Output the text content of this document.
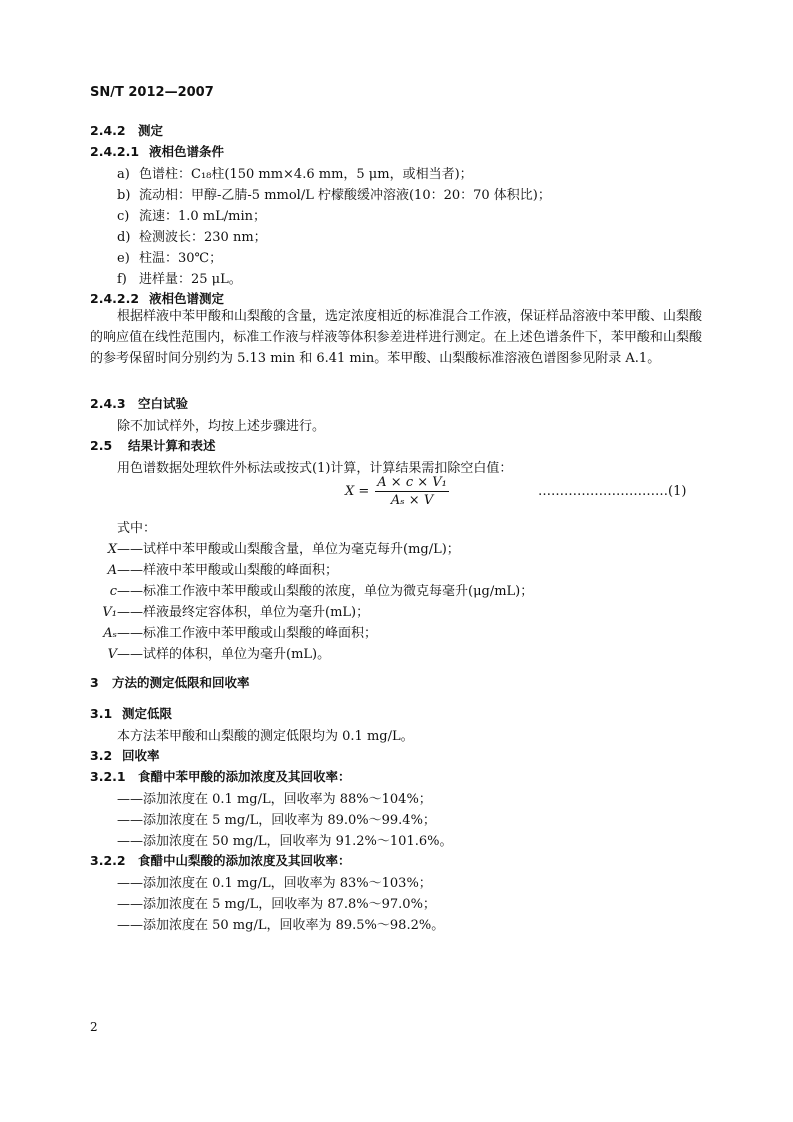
SN/T 2012—2007
2.4.2 测定
2.4.2.1 液相色谱条件
a) 色谱柱：C₁₈柱(150 mm×4.6 mm，5 μm，或相当者)；
b) 流动相：甲醇-乙腈-5 mmol/L 柠檬酸缓冲溶液(10：20：70 体积比)；
c) 流速：1.0 mL/min；
d) 检测波长：230 nm；
e) 柱温：30℃；
f) 进样量：25 μL。
2.4.2.2 液相色谱测定
根据样液中苯甲酸和山梨酸的含量，选定浓度相近的标准混合工作液，保证样品溶液中苯甲酸、山梨酸的响应值在线性范围内，标准工作液与样液等体积参差进样进行测定。在上述色谱条件下，苯甲酸和山梨酸的参考保留时间分别约为 5.13 min 和 6.41 min。苯甲酸、山梨酸标准溶液色谱图参见附录 A.1。
2.4.3 空白试验
除不加试样外，均按上述步骤进行。
2.5 结果计算和表述
用色谱数据处理软件外标法或按式(1)计算，计算结果需扣除空白值：
$X = \frac{\text{A × c × V₁}}{\text{Aₛ × V}}$	…………………………(1)
式中：
X——试样中苯甲酸或山梨酸含量，单位为毫克每升(mg/L)；
A——样液中苯甲酸或山梨酸的峰面积；
c——标准工作液中苯甲酸或山梨酸的浓度，单位为微克每毫升(μg/mL)；
V₁——样液最终定容体积，单位为毫升(mL)；
Aₛ——标准工作液中苯甲酸或山梨酸的峰面积；
V——试样的体积，单位为毫升(mL)。
3 方法的测定低限和回收率
3.1 测定低限
本方法苯甲酸和山梨酸的测定低限均为 0.1 mg/L。
3.2 回收率
3.2.1 食醋中苯甲酸的添加浓度及其回收率：
——添加浓度在 0.1 mg/L，回收率为 88%～104%；
——添加浓度在 5 mg/L，回收率为 89.0%～99.4%；
——添加浓度在 50 mg/L，回收率为 91.2%～101.6%。
3.2.2 食醋中山梨酸的添加浓度及其回收率：
——添加浓度在 0.1 mg/L，回收率为 83%～103%；
——添加浓度在 5 mg/L，回收率为 87.8%～97.0%；
——添加浓度在 50 mg/L，回收率为 89.5%～98.2%。
2
